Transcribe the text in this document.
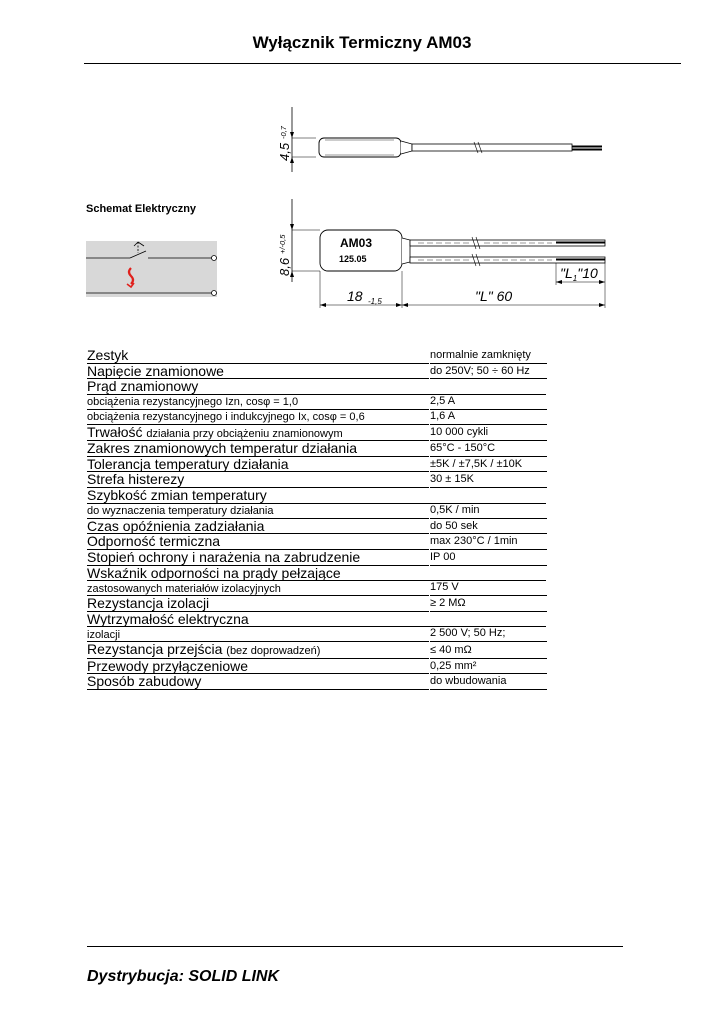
Wyłącznik Termiczny AM03
Schemat Elektryczny
4,5
-0,7
8,6
+/-0,5	AM03
125.05
18 -1,5	"L" 60
"$L_1"10$
Zestyk	normalnie zamknięty
Napięcie znamionowe	do 250V; 50 ÷ 60 Hz
Prąd znamionowy
obciążenia rezystancyjnego Izn, cosφ = 1,0	2,5 A
obciążenia rezystancyjnego i indukcyjnego Ix, cosφ = 0,6	1,6 A
Trwałość działania przy obciążeniu znamionowym	10 000 cykli
Zakres znamionowych temperatur działania	65°C - 150°C
Tolerancja temperatury działania	±5K / ±7,5K / ±10K
Strefa histerezy	30 ± 15K
Szybkość zmian temperatury
do wyznaczenia temperatury działania	0,5K / min
Czas opóźnienia zadziałania	do 50 sek
Odporność termiczna	max 230°C / 1min
Stopień ochrony i narażenia na zabrudzenie	IP 00
Wskaźnik odporności na prądy pełzające
zastosowanych materiałów izolacyjnych	175 V
Rezystancja izolacji	≥ 2 MΩ
Wytrzymałość elektryczna
izolacji	2 500 V; 50 Hz;
Rezystancja przejścia (bez doprowadzeń)	≤ 40 mΩ
Przewody przyłączeniowe	0,25 mm²
Sposób zabudowy	do wbudowania
Dystrybucja: SOLID LINK
